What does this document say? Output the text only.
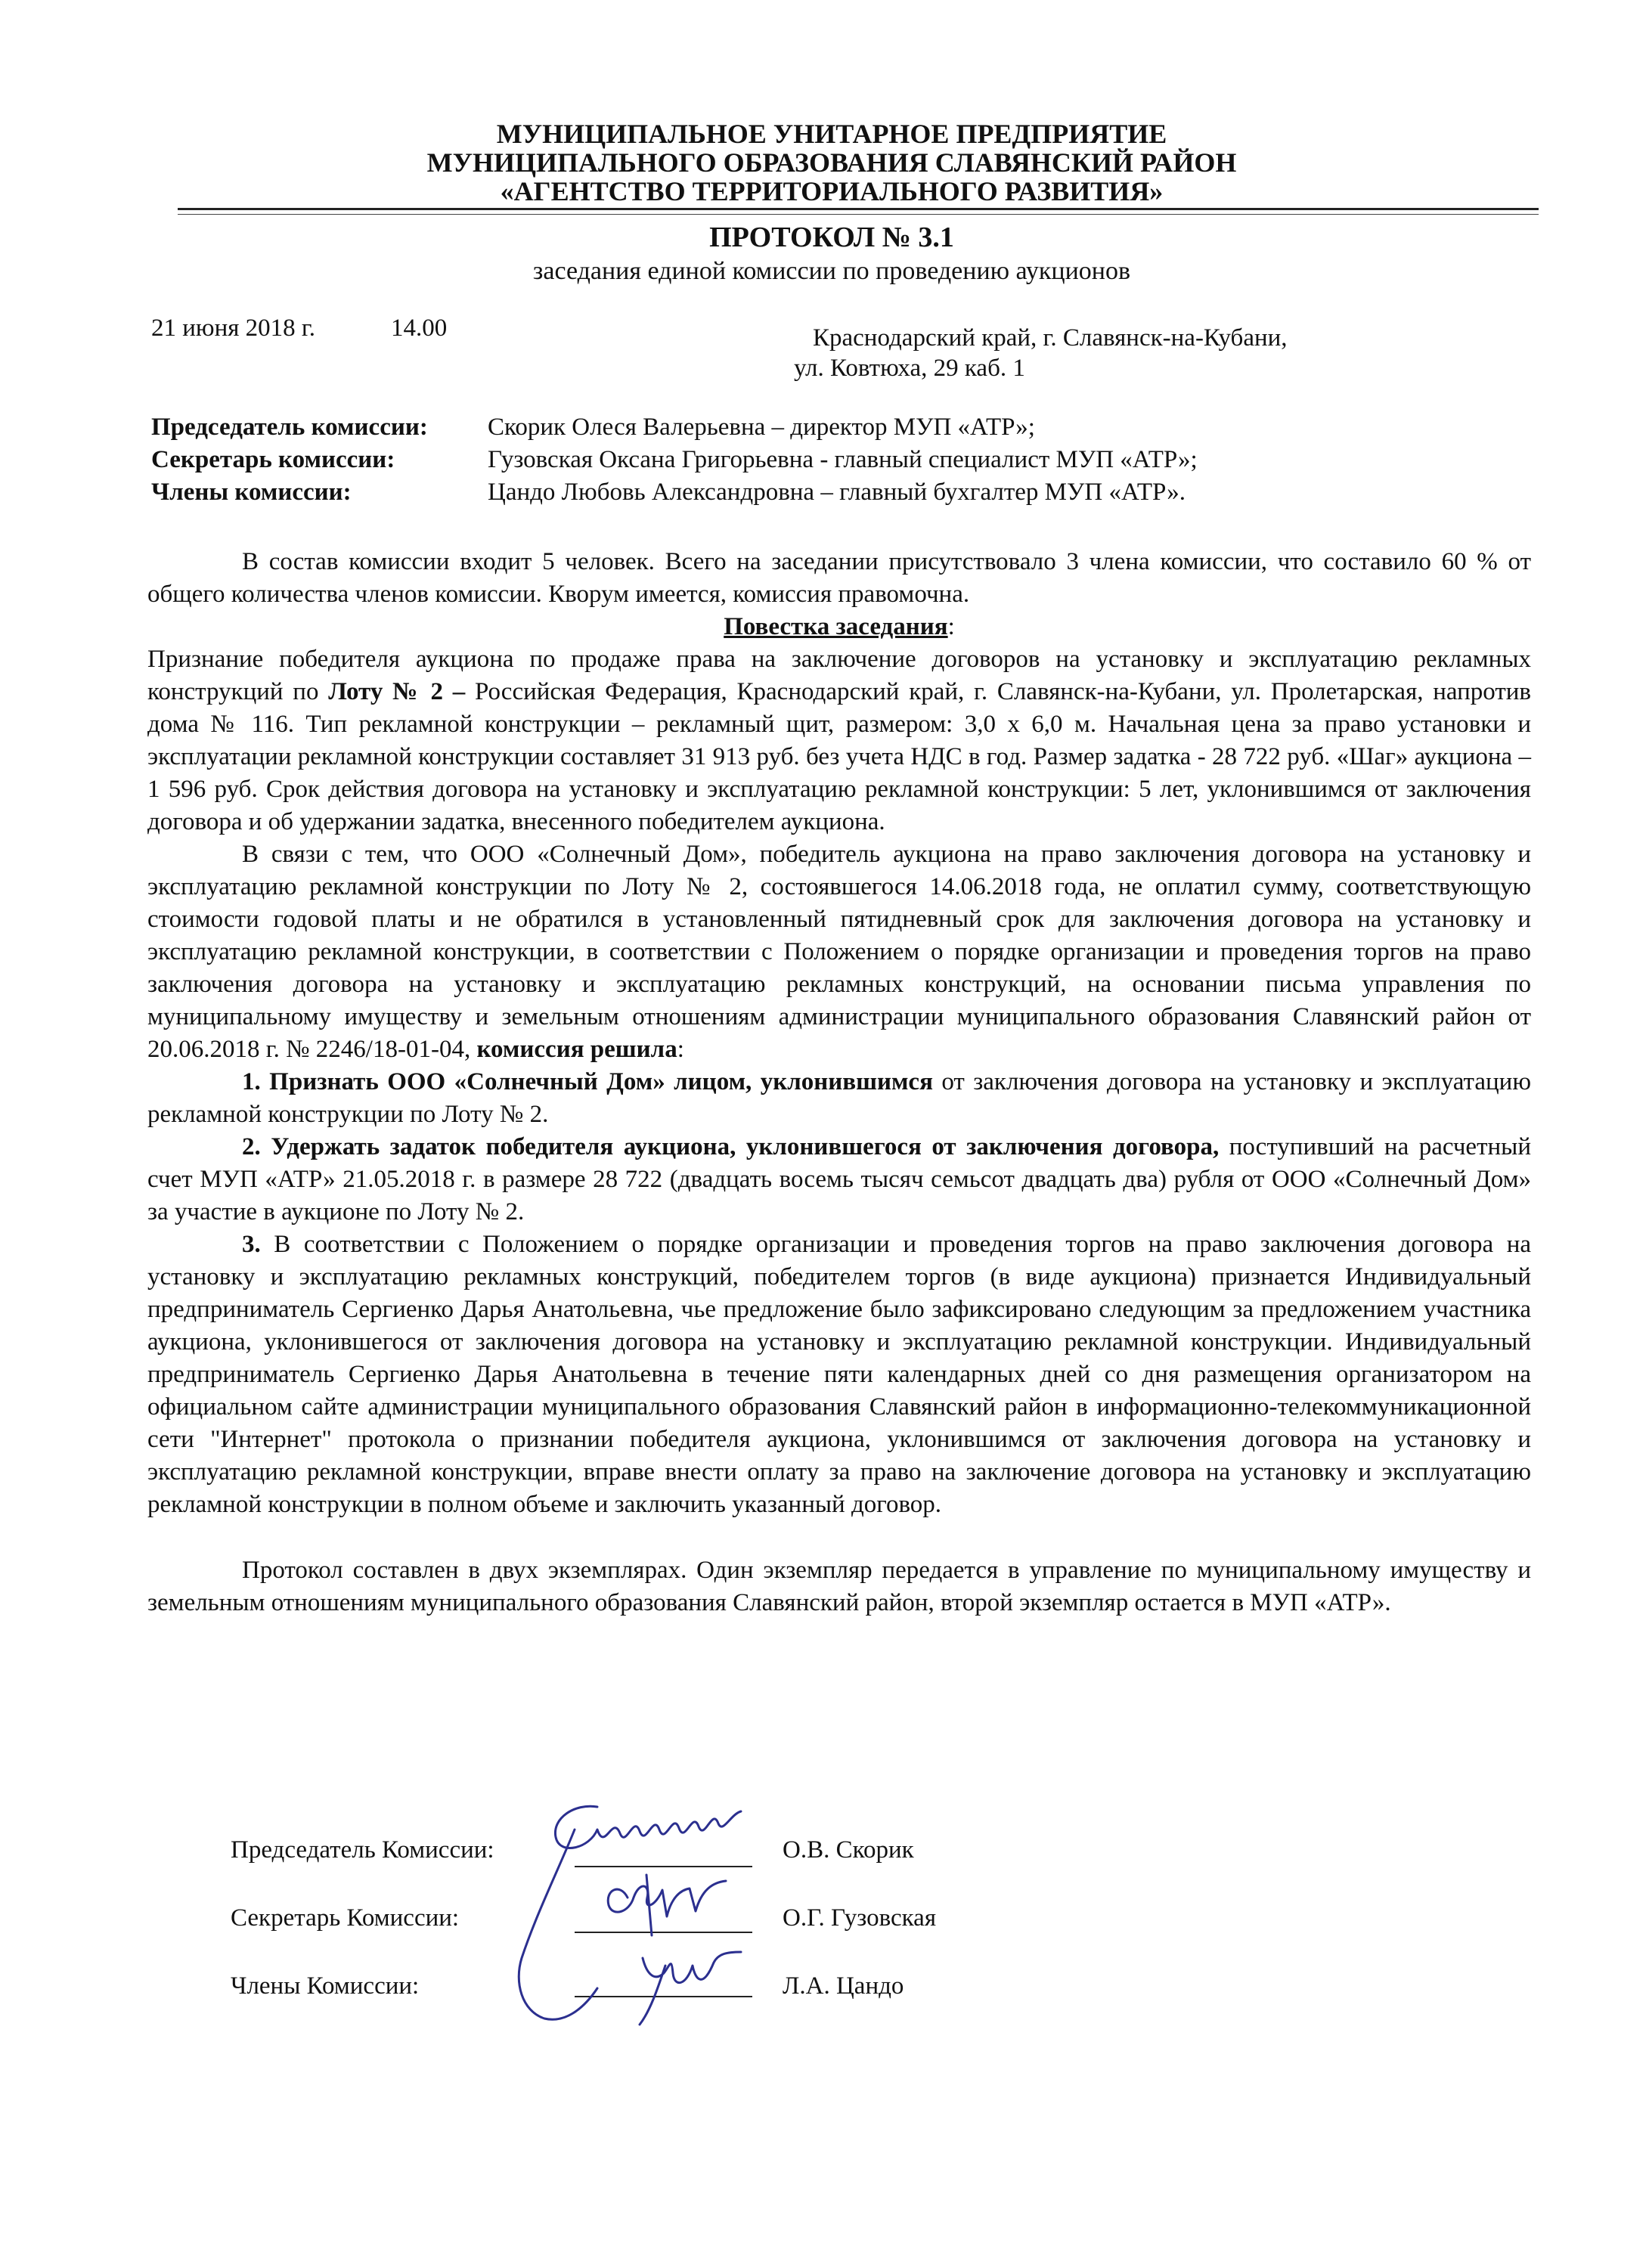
МУНИЦИПАЛЬНОЕ УНИТАРНОЕ ПРЕДПРИЯТИЕ
МУНИЦИПАЛЬНОГО ОБРАЗОВАНИЯ СЛАВЯНСКИЙ РАЙОН
«АГЕНТСТВО ТЕРРИТОРИАЛЬНОГО РАЗВИТИЯ»
ПРОТОКОЛ № 3.1
заседания единой комиссии по проведению аукционов
21 июня 2018 г.	14.00	Краснодарский край, г. Славянск-на-Кубани,
ул. Ковтюха, 29 каб. 1
Председатель комиссии: Скорик Олеся Валерьевна – директор МУП «АТР»;
Секретарь комиссии:	Гузовская Оксана Григорьевна - главный специалист МУП «АТР»;
Члены комиссии:	Цандо Любовь Александровна – главный бухгалтер МУП «АТР».

В состав комиссии входит 5 человек. Всего на заседании присутствовало 3 члена комиссии, что составило 60 % от общего количества членов комиссии. Кворум имеется, комиссия правомочна.

Повестка заседания:

Признание победителя аукциона по продаже права на заключение договоров на установку и эксплуатацию рекламных конструкций по Лоту № 2 – Российская Федерация, Краснодарский край, г. Славянск-на-Кубани, ул. Пролетарская, напротив дома № 116. Тип рекламной конструкции – рекламный щит, размером: 3,0 х 6,0 м. Начальная цена за право установки и эксплуатации рекламной конструкции составляет 31 913 руб. без учета НДС в год. Размер задатка - 28 722 руб. «Шаг» аукциона – 1 596 руб. Срок действия договора на установку и эксплуатацию рекламной конструкции: 5 лет, уклонившимся от заключения договора и об удержании задатка, внесенного победителем аукциона.

В связи с тем, что ООО «Солнечный Дом», победитель аукциона на право заключения договора на установку и эксплуатацию рекламной конструкции по Лоту № 2, состоявшегося 14.06.2018 года, не оплатил сумму, соответствующую стоимости годовой платы и не обратился в установленный пятидневный срок для заключения договора на установку и эксплуатацию рекламной конструкции, в соответствии с Положением о порядке организации и проведения торгов на право заключения договора на установку и эксплуатацию рекламных конструкций, на основании письма управления по муниципальному имуществу и земельным отношениям администрации муниципального образования Славянский район от 20.06.2018 г. № 2246/18-01-04, комиссия решила:

1. Признать ООО «Солнечный Дом» лицом, уклонившимся от заключения договора на установку и эксплуатацию рекламной конструкции по Лоту № 2.

2. Удержать задаток победителя аукциона, уклонившегося от заключения договора, поступивший на расчетный счет МУП «АТР» 21.05.2018 г. в размере 28 722 (двадцать восемь тысяч семьсот двадцать два) рубля от ООО «Солнечный Дом» за участие в аукционе по Лоту № 2.

3. В соответствии с Положением о порядке организации и проведения торгов на право заключения договора на установку и эксплуатацию рекламных конструкций, победителем торгов (в виде аукциона) признается Индивидуальный предприниматель Сергиенко Дарья Анатольевна, чье предложение было зафиксировано следующим за предложением участника аукциона, уклонившегося от заключения договора на установку и эксплуатацию рекламной конструкции. Индивидуальный предприниматель Сергиенко Дарья Анатольевна в течение пяти календарных дней со дня размещения организатором на официальном сайте администрации муниципального образования Славянский район в информационно-телекоммуникационной сети "Интернет" протокола о признании победителя аукциона, уклонившимся от заключения договора на установку и эксплуатацию рекламной конструкции, вправе внести оплату за право на заключение договора на установку и эксплуатацию рекламной конструкции в полном объеме и заключить указанный договор.

Протокол составлен в двух экземплярах. Один экземпляр передается в управление по муниципальному имуществу и земельным отношениям муниципального образования Славянский район, второй экземпляр остается в МУП «АТР».

Председатель Комиссии:	О.В. Скорик
Секретарь Комиссии:	О.Г. Гузовская
Члены Комиссии:	Л.А. Цандо
